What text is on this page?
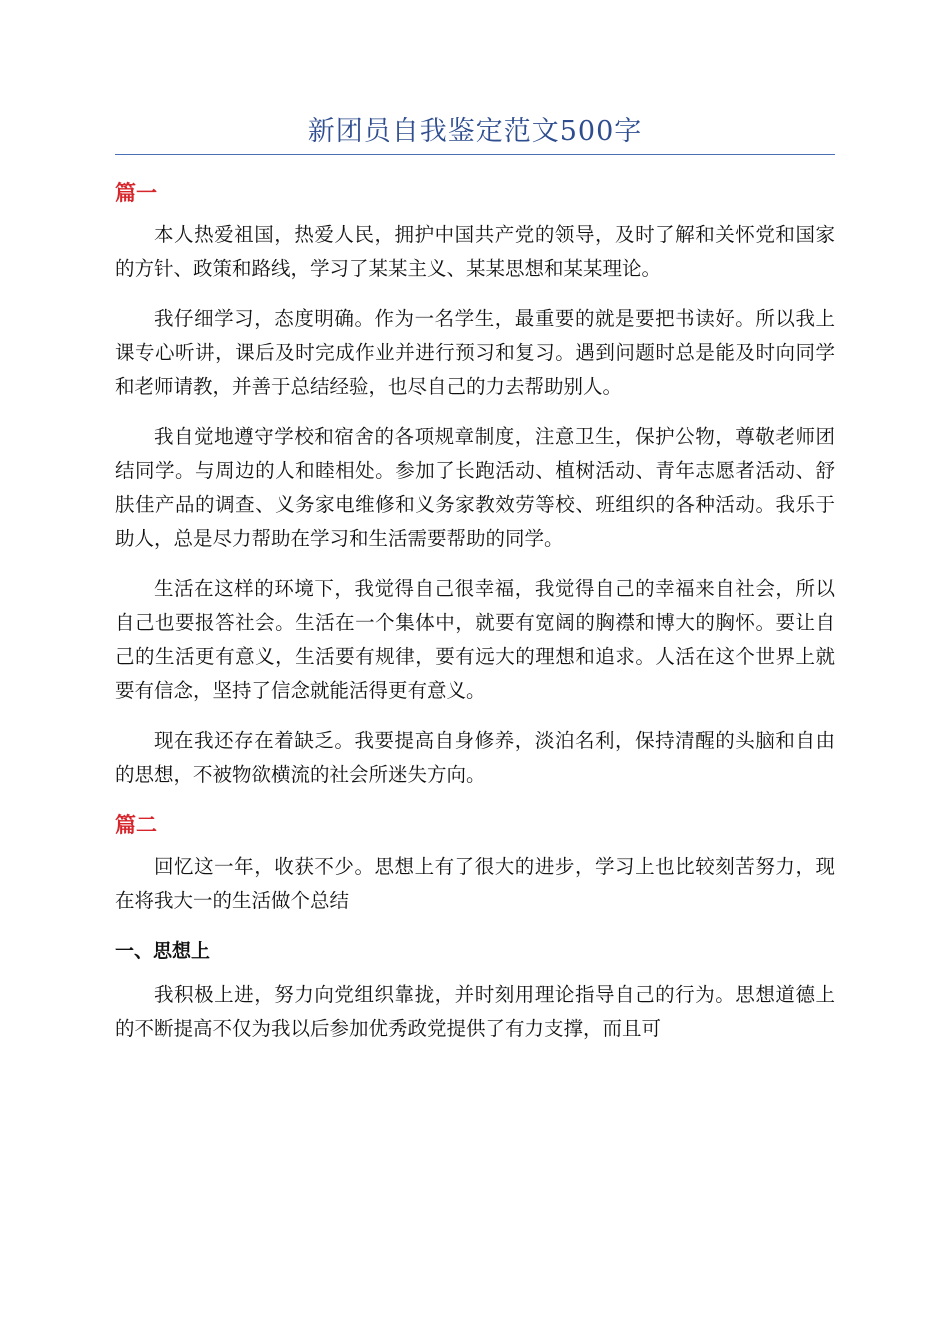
新团员自我鉴定范文500字
篇一

本人热爱祖国，热爱人民，拥护中国共产党的领导，及时了解和关怀党和国家的方针、政策和路线，学习了某某主义、某某思想和某某理论。

我仔细学习，态度明确。作为一名学生，最重要的就是要把书读好。所以我上课专心听讲，课后及时完成作业并进行预习和复习。遇到问题时总是能及时向同学和老师请教，并善于总结经验，也尽自己的力去帮助别人。

我自觉地遵守学校和宿舍的各项规章制度，注意卫生，保护公物，尊敬老师团结同学。与周边的人和睦相处。参加了长跑活动、植树活动、青年志愿者活动、舒肤佳产品的调查、义务家电维修和义务家教效劳等校、班组织的各种活动。我乐于助人，总是尽力帮助在学习和生活需要帮助的同学。

生活在这样的环境下，我觉得自己很幸福，我觉得自己的幸福来自社会，所以自己也要报答社会。生活在一个集体中，就要有宽阔的胸襟和博大的胸怀。要让自己的生活更有意义，生活要有规律，要有远大的理想和追求。人活在这个世界上就要有信念，坚持了信念就能活得更有意义。

现在我还存在着缺乏。我要提高自身修养，淡泊名利，保持清醒的头脑和自由的思想，不被物欲横流的社会所迷失方向。

篇二

回忆这一年，收获不少。思想上有了很大的进步，学习上也比较刻苦努力，现在将我大一的生活做个总结

一、思想上

我积极上进，努力向党组织靠拢，并时刻用理论指导自己的行为。思想道德上的不断提高不仅为我以后参加优秀政党提供了有力支撑，而且可
